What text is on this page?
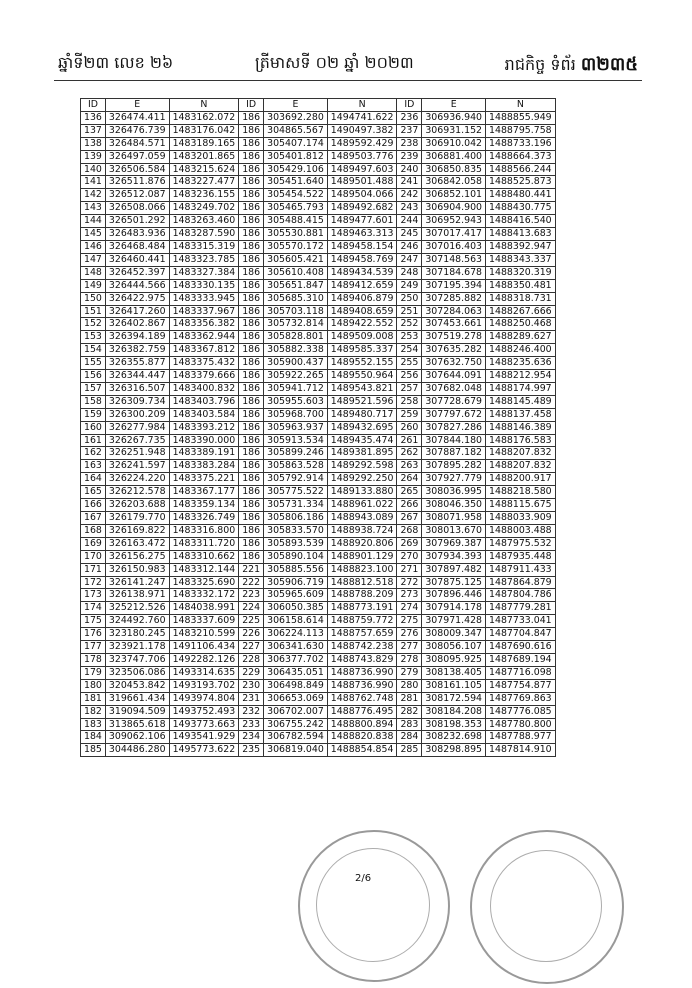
ឆ្នាំទី២៣ លេខ ២៦	ត្រីមាសទី ០២ ឆ្នាំ ២០២៣	រាជកិច្ច ទំព័រ ៣២៣៥
ID	E	N	ID	E	N	ID	E	N
136	326474.411	1483162.072	186	303692.280	1494741.622	236	306936.940	1488855.949
137	326476.739	1483176.042	186	304865.567	1490497.382	237	306931.152	1488795.758
138	326484.571	1483189.165	186	305407.174	1489592.429	238	306910.042	1488733.196
139	326497.059	1483201.865	186	305401.812	1489503.776	239	306881.400	1488664.373
140	326506.584	1483215.624	186	305429.106	1489497.603	240	306850.835	1488566.244
141	326511.876	1483227.477	186	305451.640	1489501.488	241	306842.058	1488525.873
142	326512.087	1483236.155	186	305454.522	1489504.066	242	306852.101	1488480.441
143	326508.066	1483249.702	186	305465.793	1489492.682	243	306904.900	1488430.775
144	326501.292	1483263.460	186	305488.415	1489477.601	244	306952.943	1488416.540
145	326483.936	1483287.590	186	305530.881	1489463.313	245	307017.417	1488413.683
146	326468.484	1483315.319	186	305570.172	1489458.154	246	307016.403	1488392.947
147	326460.441	1483323.785	186	305605.421	1489458.769	247	307148.563	1488343.337
148	326452.397	1483327.384	186	305610.408	1489434.539	248	307184.678	1488320.319
149	326444.566	1483330.135	186	305651.847	1489412.659	249	307195.394	1488350.481
150	326422.975	1483333.945	186	305685.310	1489406.879	250	307285.882	1488318.731
151	326417.260	1483337.967	186	305703.118	1489408.659	251	307284.063	1488267.666
152	326402.867	1483356.382	186	305732.814	1489422.552	252	307453.661	1488250.468
153	326394.189	1483362.944	186	305828.801	1489509.008	253	307519.278	1488289.627
154	326382.759	1483367.812	186	305882.338	1489585.337	254	307635.282	1488246.400
155	326355.877	1483375.432	186	305900.437	1489552.155	255	307632.750	1488235.636
156	326344.447	1483379.666	186	305922.265	1489550.964	256	307644.091	1488212.954
157	326316.507	1483400.832	186	305941.712	1489543.821	257	307682.048	1488174.997
158	326309.734	1483403.796	186	305955.603	1489521.596	258	307728.679	1488145.489
159	326300.209	1483403.584	186	305968.700	1489480.717	259	307797.672	1488137.458
160	326277.984	1483393.212	186	305963.937	1489432.695	260	307827.286	1488146.389
161	326267.735	1483390.000	186	305913.534	1489435.474	261	307844.180	1488176.583
162	326251.948	1483389.191	186	305899.246	1489381.895	262	307887.182	1488207.832
163	326241.597	1483383.284	186	305863.528	1489292.598	263	307895.282	1488207.832
164	326224.220	1483375.221	186	305792.914	1489292.250	264	307927.779	1488200.917
165	326212.578	1483367.177	186	305775.522	1489133.880	265	308036.995	1488218.580
166	326203.688	1483359.134	186	305731.334	1488961.022	266	308046.350	1488115.675
167	326179.770	1483326.749	186	305806.186	1488943.089	267	308071.958	1488033.909
168	326169.822	1483316.800	186	305833.570	1488938.724	268	308013.670	1488003.488
169	326163.472	1483311.720	186	305893.539	1488920.806	269	307969.387	1487975.532
170	326156.275	1483310.662	186	305890.104	1488901.129	270	307934.393	1487935.448
171	326150.983	1483312.144	221	305885.556	1488823.100	271	307897.482	1487911.433
172	326141.247	1483325.690	222	305906.719	1488812.518	272	307875.125	1487864.879
173	326138.971	1483332.172	223	305965.609	1488788.209	273	307896.446	1487804.786
174	325212.526	1484038.991	224	306050.385	1488773.191	274	307914.178	1487779.281
175	324492.760	1483337.609	225	306158.614	1488759.772	275	307971.428	1487733.041
176	323180.245	1483210.599	226	306224.113	1488757.659	276	308009.347	1487704.847
177	323921.178	1491106.434	227	306341.630	1488742.238	277	308056.107	1487690.616
178	323747.706	1492282.126	228	306377.702	1488743.829	278	308095.925	1487689.194
179	323506.086	1493314.635	229	306435.051	1488736.990	279	308138.405	1487716.098
180	320453.842	1493193.702	230	306498.849	1488736.990	280	308161.105	1487754.877
181	319661.434	1493974.804	231	306653.069	1488762.748	281	308172.594	1487769.863
182	319094.509	1493752.493	232	306702.007	1488776.495	282	308184.208	1487776.085
183	313865.618	1493773.663	233	306755.242	1488800.894	283	308198.353	1487780.800
184	309062.106	1493541.929	234	306782.594	1488820.838	284	308232.698	1487788.977
185	304486.280	1495773.622	235	306819.040	1488854.854	285	308298.895	1487814.910
2/6
